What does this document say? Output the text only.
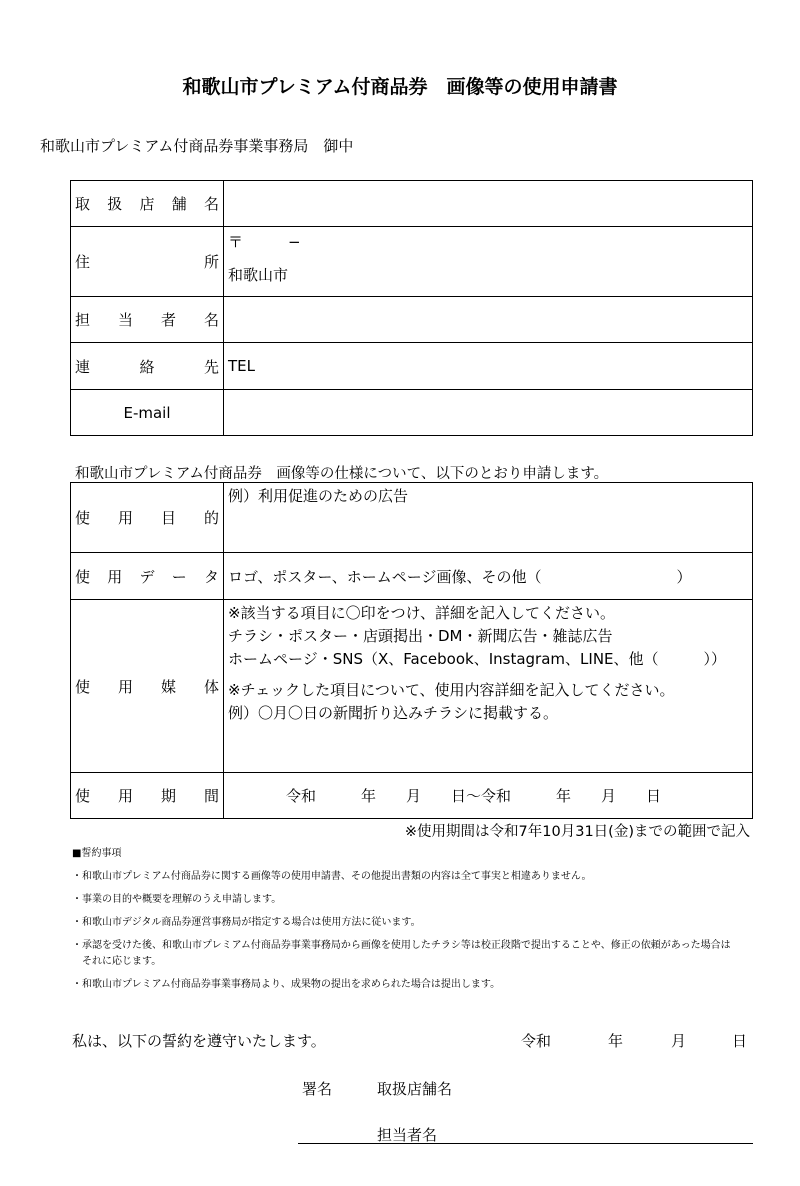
和歌山市プレミアム付商品券　画像等の使用申請書
和歌山市プレミアム付商品券事業事務局　御中
取 扱 店 舗 名	

住 所	〒　　　−
和歌山市

担 当 者 名	

連 絡 先	TEL
E-mail	
和歌山市プレミアム付商品券　画像等の仕様について、以下のとおり申請します。
使 用 目 的	例）利用促進のための広告

使 用 デ ー タ	ロゴ、ポスター、ホームページ画像、その他（　　　　　　　　　）

使 用 媒 体	※該当する項目に〇印をつけ、詳細を記入してください。
チラシ・ポスター・店頭掲出・DM・新聞広告・雑誌広告
ホームページ・SNS（X、Facebook、Instagram、LINE、他（　　　））
※チェックした項目について、使用内容詳細を記入してください。
例）〇月〇日の新聞折り込みチラシに掲載する。

使 用 期 間	令和　　　年　　月　　日〜令和　　　年　　月　　日
※使用期間は令和7年10月31日(金)までの範囲で記入
■誓約事項
・和歌山市プレミアム付商品券に関する画像等の使用申請書、その他提出書類の内容は全て事実と相違ありません。
・事業の目的や概要を理解のうえ申請します。
・和歌山市デジタル商品券運営事務局が指定する場合は使用方法に従います。
・承認を受けた後、和歌山市プレミアム付商品券事業事務局から画像を使用したチラシ等は校正段階で提出することや、修正の依頼があった場合は
　それに応じます。
・和歌山市プレミアム付商品券事業事務局より、成果物の提出を求められた場合は提出します。
私は、以下の誓約を遵守いたします。	令和	年	月	日
署名	取扱店舗名
担当者名
